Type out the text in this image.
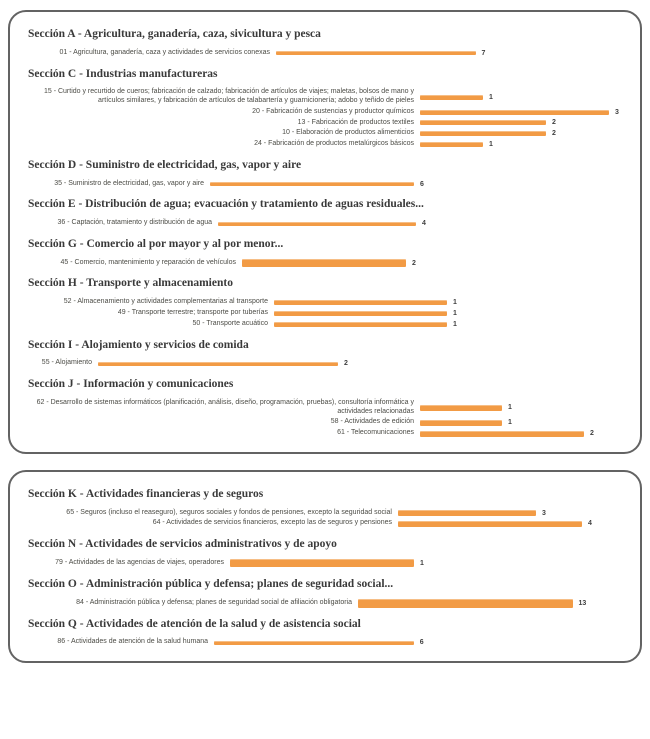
Sección A - Agricultura, ganadería, caza, sivicultura y pesca
01 - Agricultura, ganadería, caza y actividades de servicios conexas	7
Sección C - Industrias manufactureras
15 - Curtido y recurtido de cueros; fabricación de calzado; fabricación de artículos de viajes; maletas, bolsos de mano y artículos similares, y fabricación de artículos de talabartería y guarnicionería; adobo y teñido de pieles	1
20 - Fabricación de sustencias y productor químicos	3
13 - Fabricación de productos textiles	2
10 - Elaboración de productos alimenticios	2
24 - Fabricación de productos metalúrgicos básicos	1
Sección D - Suministro de electricidad, gas, vapor y aire
35 - Suministro de electricidad, gas, vapor y aire	6
Sección E - Distribución de agua; evacuación y tratamiento de aguas residuales...
36 - Captación, tratamiento y distribución de agua	4
Sección G - Comercio al por mayor y al por menor...
45 - Comercio, mantenimiento y reparación de vehículos	2
Sección H - Transporte y almacenamiento
52 - Almacenamiento y actividades complementarias al transporte	1
49 - Transporte terrestre; transporte por tuberías	1
50 - Transporte acuático	1
Sección I - Alojamiento y servicios de comida
55 - Alojamiento	2
Sección J - Información y comunicaciones
62 - Desarrollo de sistemas informáticos (planificación, análisis, diseño, programación, pruebas), consultoría informática y actividades relacionadas	1
58 - Actividades de edición	1
61 - Telecomunicaciones	2
Sección K - Actividades financieras y de seguros
65 - Seguros (incluso el reaseguro), seguros sociales y fondos de pensiones, excepto la seguridad social	3
64 - Actividades de servicios financieros, excepto las de seguros y pensiones	4
Sección N - Actividades de servicios administrativos y de apoyo
79 - Actividades de las agencias de viajes, operadores	1
Sección O - Administración pública y defensa; planes de seguridad social...
84 - Administración pública y defensa; planes de seguridad social de afiliación obligatoria	13
Sección Q - Actividades de atención de la salud y de asistencia social
86 - Actividades de atención de la salud humana	6
